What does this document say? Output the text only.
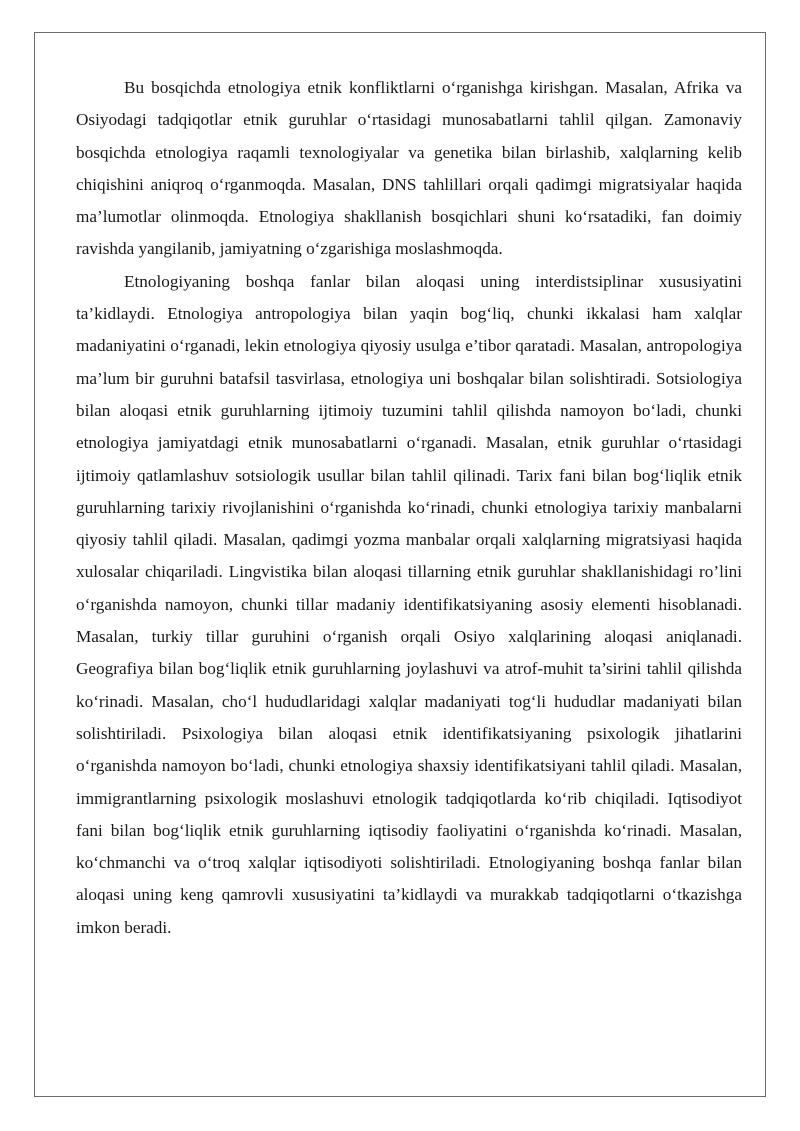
Bu bosqichda etnologiya etnik konfliktlarni o‘rganishga kirishgan. Masalan, Afrika va Osiyodagi tadqiqotlar etnik guruhlar o‘rtasidagi munosabatlarni tahlil qilgan. Zamonaviy bosqichda etnologiya raqamli texnologiyalar va genetika bilan birlashib, xalqlarning kelib chiqishini aniqroq o‘rganmoqda. Masalan, DNS tahlillari orqali qadimgi migratsiyalar haqida ma’lumotlar olinmoqda. Etnologiya shakllanish bosqichlari shuni ko‘rsatadiki, fan doimiy ravishda yangilanib, jamiyatning o‘zgarishiga moslashmoqda.

Etnologiyaning boshqa fanlar bilan aloqasi uning interdistsiplinar xususiyatini ta’kidlaydi. Etnologiya antropologiya bilan yaqin bog‘liq, chunki ikkalasi ham xalqlar madaniyatini o‘rganadi, lekin etnologiya qiyosiy usulga e’tibor qaratadi. Masalan, antropologiya ma’lum bir guruhni batafsil tasvirlasa, etnologiya uni boshqalar bilan solishtiradi. Sotsiologiya bilan aloqasi etnik guruhlarning ijtimoiy tuzumini tahlil qilishda namoyon bo‘ladi, chunki etnologiya jamiyatdagi etnik munosabatlarni o‘rganadi. Masalan, etnik guruhlar o‘rtasidagi ijtimoiy qatlamlashuv sotsiologik usullar bilan tahlil qilinadi. Tarix fani bilan bog‘liqlik etnik guruhlarning tarixiy rivojlanishini o‘rganishda ko‘rinadi, chunki etnologiya tarixiy manbalarni qiyosiy tahlil qiladi. Masalan, qadimgi yozma manbalar orqali xalqlarning migratsiyasi haqida xulosalar chiqariladi. Lingvistika bilan aloqasi tillarning etnik guruhlar shakllanishidagi ro’lini o‘rganishda namoyon, chunki tillar madaniy identifikatsiyaning asosiy elementi hisoblanadi. Masalan, turkiy tillar guruhini o‘rganish orqali Osiyo xalqlarining aloqasi aniqlanadi. Geografiya bilan bog‘liqlik etnik guruhlarning joylashuvi va atrof-muhit ta’sirini tahlil qilishda ko‘rinadi. Masalan, cho‘l hududlaridagi xalqlar madaniyati tog‘li hududlar madaniyati bilan solishtiriladi. Psixologiya bilan aloqasi etnik identifikatsiyaning psixologik jihatlarini o‘rganishda namoyon bo‘ladi, chunki etnologiya shaxsiy identifikatsiyani tahlil qiladi. Masalan, immigrantlarning psixologik moslashuvi etnologik tadqiqotlarda ko‘rib chiqiladi. Iqtisodiyot fani bilan bog‘liqlik etnik guruhlarning iqtisodiy faoliyatini o‘rganishda ko‘rinadi. Masalan, ko‘chmanchi va o‘troq xalqlar iqtisodiyoti solishtiriladi. Etnologiyaning boshqa fanlar bilan aloqasi uning keng qamrovli xususiyatini ta’kidlaydi va murakkab tadqiqotlarni o‘tkazishga imkon beradi.
